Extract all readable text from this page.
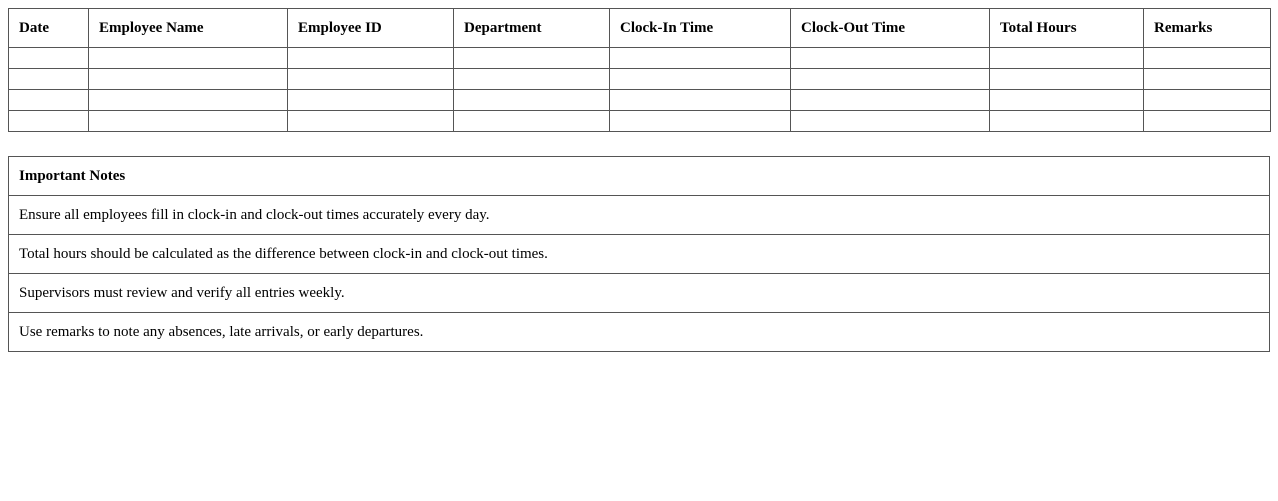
Date	Employee Name	Employee ID	Department	Clock-In Time	Clock-Out Time	Total Hours	Remarks

Important Notes
Ensure all employees fill in clock-in and clock-out times accurately every day.
Total hours should be calculated as the difference between clock-in and clock-out times.
Supervisors must review and verify all entries weekly.
Use remarks to note any absences, late arrivals, or early departures.
